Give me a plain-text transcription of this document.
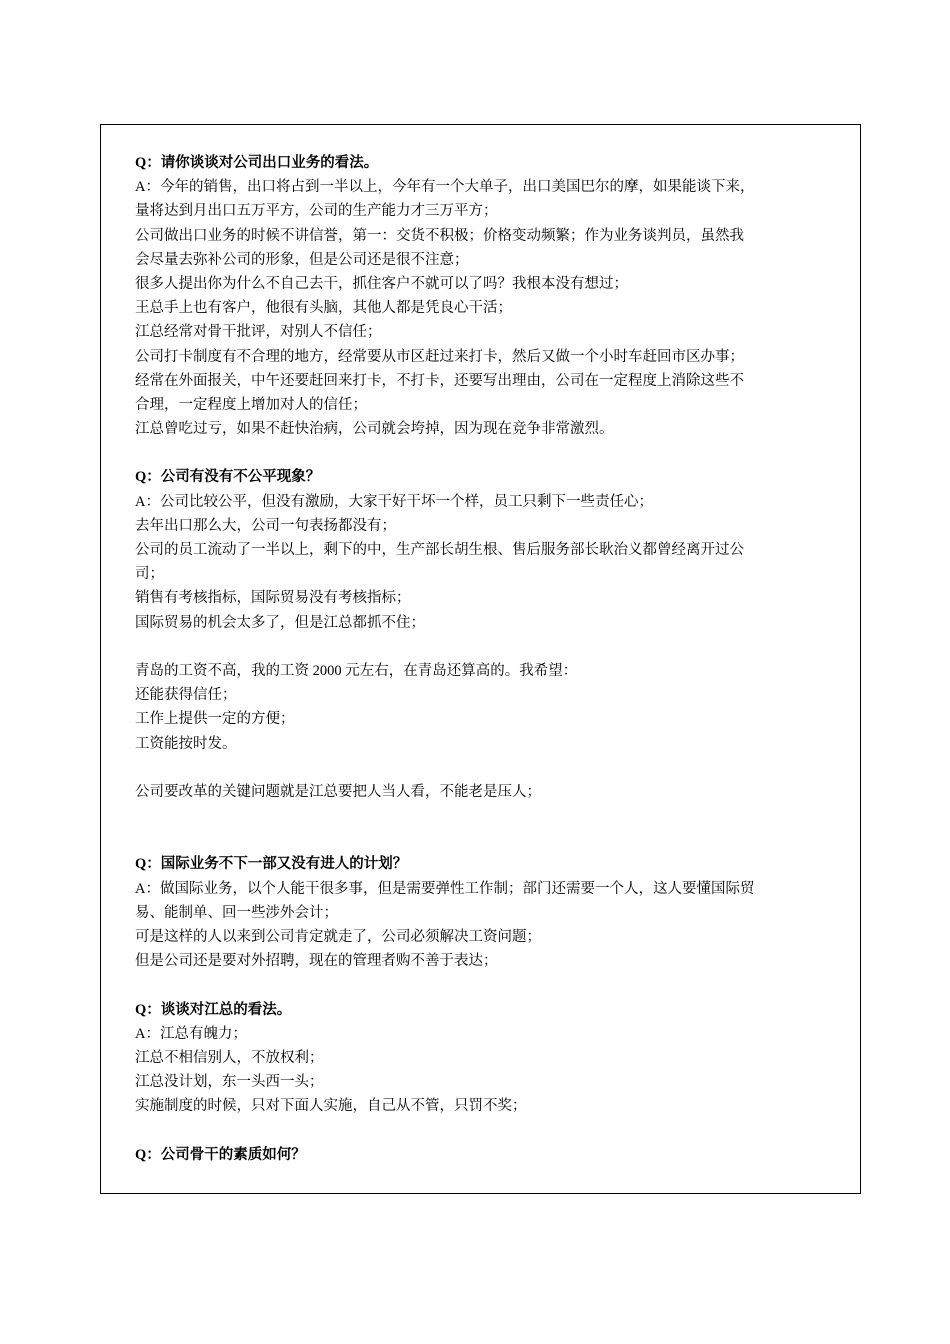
Q：请你谈谈对公司出口业务的看法。
A：今年的销售，出口将占到一半以上，今年有一个大单子，出口美国巴尔的摩，如果能谈下来，
量将达到月出口五万平方，公司的生产能力才三万平方；
公司做出口业务的时候不讲信誉，第一：交货不积极；价格变动频繁；作为业务谈判员，虽然我
会尽量去弥补公司的形象，但是公司还是很不注意；
很多人提出你为什么不自己去干，抓住客户不就可以了吗？我根本没有想过；
王总手上也有客户，他很有头脑，其他人都是凭良心干活；
江总经常对骨干批评，对别人不信任；
公司打卡制度有不合理的地方，经常要从市区赶过来打卡，然后又做一个小时车赶回市区办事；
经常在外面报关，中午还要赶回来打卡，不打卡，还要写出理由，公司在一定程度上消除这些不
合理，一定程度上增加对人的信任；
江总曾吃过亏，如果不赶快治病，公司就会垮掉，因为现在竞争非常激烈。
Q：公司有没有不公平现象？
A：公司比较公平，但没有激励，大家干好干坏一个样，员工只剩下一些责任心；
去年出口那么大，公司一句表扬都没有；
公司的员工流动了一半以上，剩下的中，生产部长胡生根、售后服务部长耿治义都曾经离开过公
司；
销售有考核指标，国际贸易没有考核指标；
国际贸易的机会太多了，但是江总都抓不住；
青岛的工资不高，我的工资 2000 元左右，在青岛还算高的。我希望：
还能获得信任；
工作上提供一定的方便；
工资能按时发。
公司要改革的关键问题就是江总要把人当人看，不能老是压人；
Q：国际业务不下一部又没有进人的计划？
A：做国际业务，以个人能干很多事，但是需要弹性工作制；部门还需要一个人，这人要懂国际贸
易、能制单、回一些涉外会计；
可是这样的人以来到公司肯定就走了，公司必须解决工资问题；
但是公司还是要对外招聘，现在的管理者购不善于表达；
Q：谈谈对江总的看法。
A：江总有魄力；
江总不相信别人，不放权利；
江总没计划，东一头西一头；
实施制度的时候，只对下面人实施，自己从不管，只罚不奖；
Q：公司骨干的素质如何？
